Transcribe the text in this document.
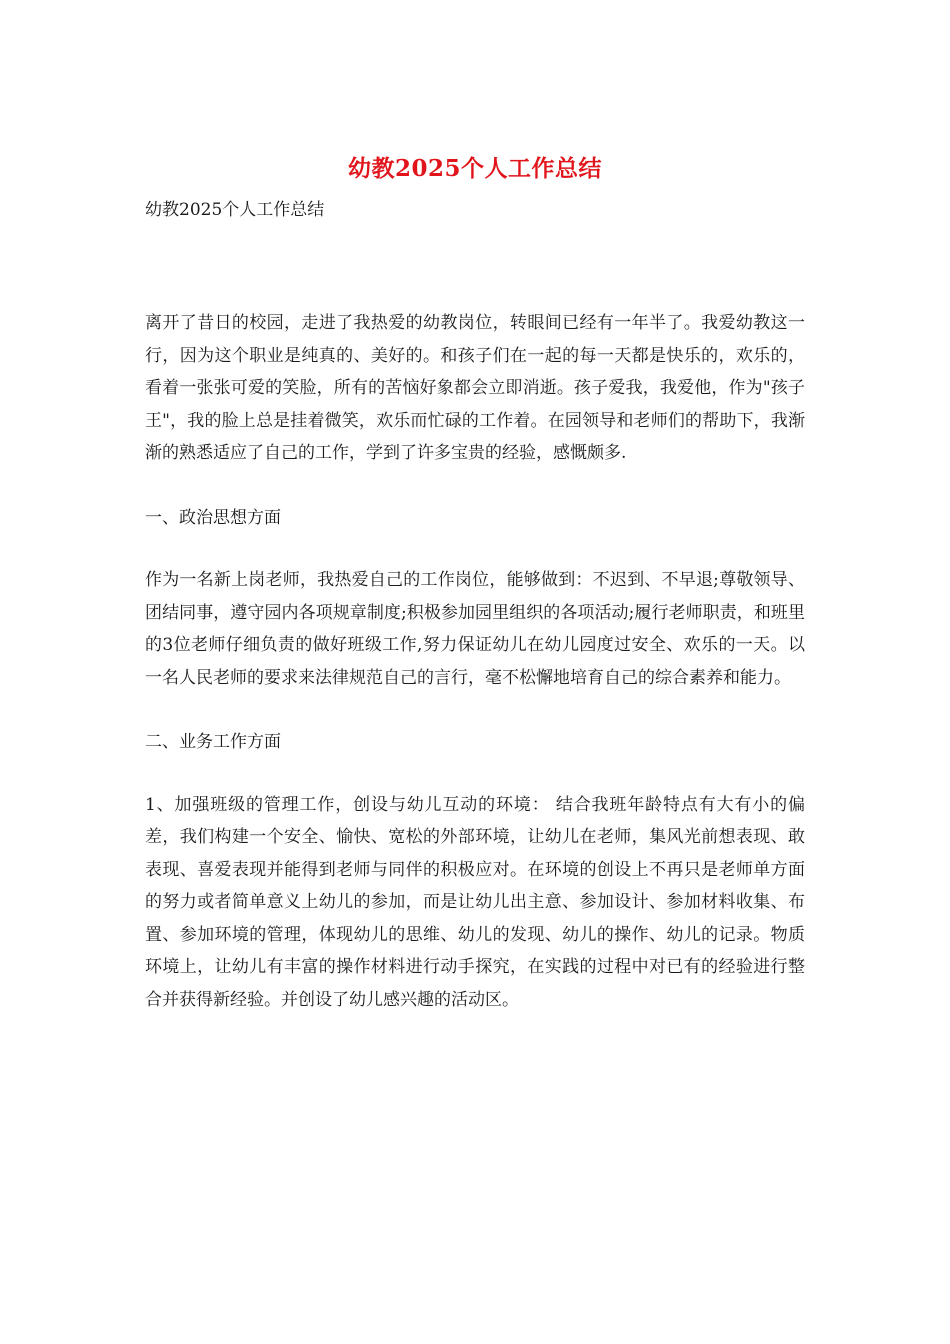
幼教2025个人工作总结

幼教2025个人工作总结

离开了昔日的校园，走进了我热爱的幼教岗位，转眼间已经有一年半了。我爱幼教这一行，因为这个职业是纯真的、美好的。和孩子们在一起的每一天都是快乐的，欢乐的，看着一张张可爱的笑脸，所有的苦恼好象都会立即消逝。孩子爱我，我爱他，作为"孩子王"，我的脸上总是挂着微笑，欢乐而忙碌的工作着。在园领导和老师们的帮助下，我渐渐的熟悉适应了自己的工作，学到了许多宝贵的经验，感慨颇多.

一、政治思想方面

作为一名新上岗老师，我热爱自己的工作岗位，能够做到：不迟到、不早退;尊敬领导、团结同事，遵守园内各项规章制度;积极参加园里组织的各项活动;履行老师职责，和班里的3位老师仔细负责的做好班级工作,努力保证幼儿在幼儿园度过安全、欢乐的一天。以一名人民老师的要求来法律规范自己的言行，毫不松懈地培育自己的综合素养和能力。

二、业务工作方面

1、加强班级的管理工作，创设与幼儿互动的环境： 结合我班年龄特点有大有小的偏差，我们构建一个安全、愉快、宽松的外部环境，让幼儿在老师，集风光前想表现、敢表现、喜爱表现并能得到老师与同伴的积极应对。在环境的创设上不再只是老师单方面的努力或者简单意义上幼儿的参加，而是让幼儿出主意、参加设计、参加材料收集、布置、参加环境的管理，体现幼儿的思维、幼儿的发现、幼儿的操作、幼儿的记录。物质环境上，让幼儿有丰富的操作材料进行动手探究，在实践的过程中对已有的经验进行整合并获得新经验。并创设了幼儿感兴趣的活动区。
